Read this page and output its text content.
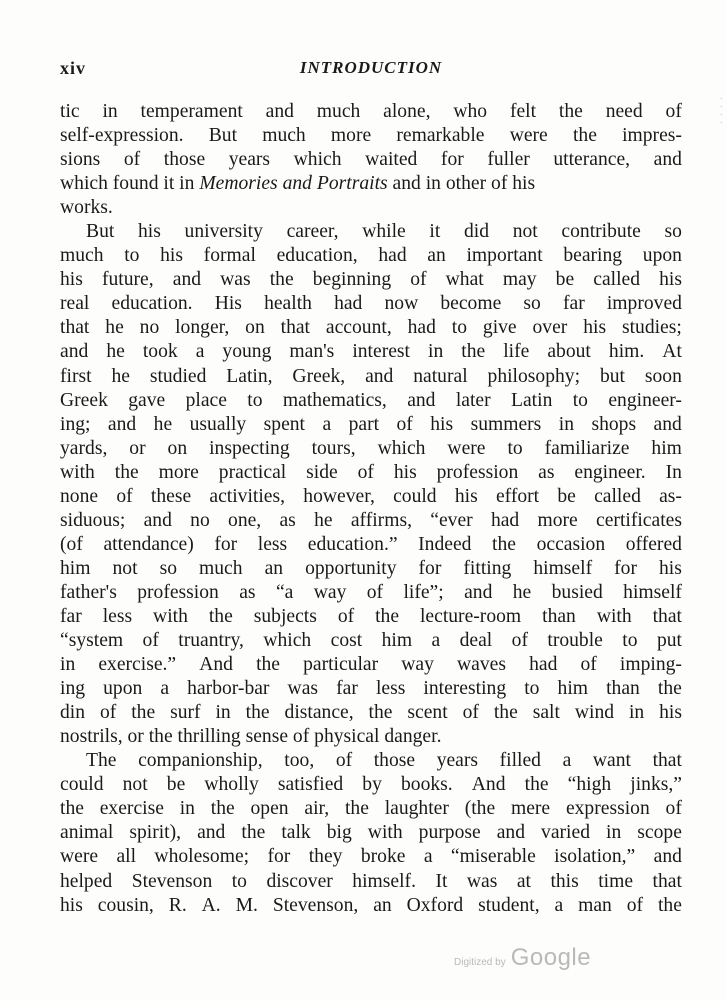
xiv	INTRODUCTION
tic in temperament and much alone, who felt the need of
self-expression. But much more remarkable were the impres-
sions of those years which waited for fuller utterance, and
which found it in Memories and Portraits and in other of his
works.
But his university career, while it did not contribute so
much to his formal education, had an important bearing upon
his future, and was the beginning of what may be called his
real education. His health had now become so far improved
that he no longer, on that account, had to give over his studies;
and he took a young man's interest in the life about him. At
first he studied Latin, Greek, and natural philosophy; but soon
Greek gave place to mathematics, and later Latin to engineer-
ing; and he usually spent a part of his summers in shops and
yards, or on inspecting tours, which were to familiarize him
with the more practical side of his profession as engineer. In
none of these activities, however, could his effort be called as-
siduous; and no one, as he affirms, “ever had more certificates
(of attendance) for less education.” Indeed the occasion offered
him not so much an opportunity for fitting himself for his
father's profession as “a way of life”; and he busied himself
far less with the subjects of the lecture-room than with that
“system of truantry, which cost him a deal of trouble to put
in exercise.” And the particular way waves had of imping-
ing upon a harbor-bar was far less interesting to him than the
din of the surf in the distance, the scent of the salt wind in his
nostrils, or the thrilling sense of physical danger.
The companionship, too, of those years filled a want that
could not be wholly satisfied by books. And the “high jinks,”
the exercise in the open air, the laughter (the mere expression of
animal spirit), and the talk big with purpose and varied in scope
were all wholesome; for they broke a “miserable isolation,” and
helped Stevenson to discover himself. It was at this time that
his cousin, R. A. M. Stevenson, an Oxford student, a man of the
·
·
·
·
Digitized by Google
